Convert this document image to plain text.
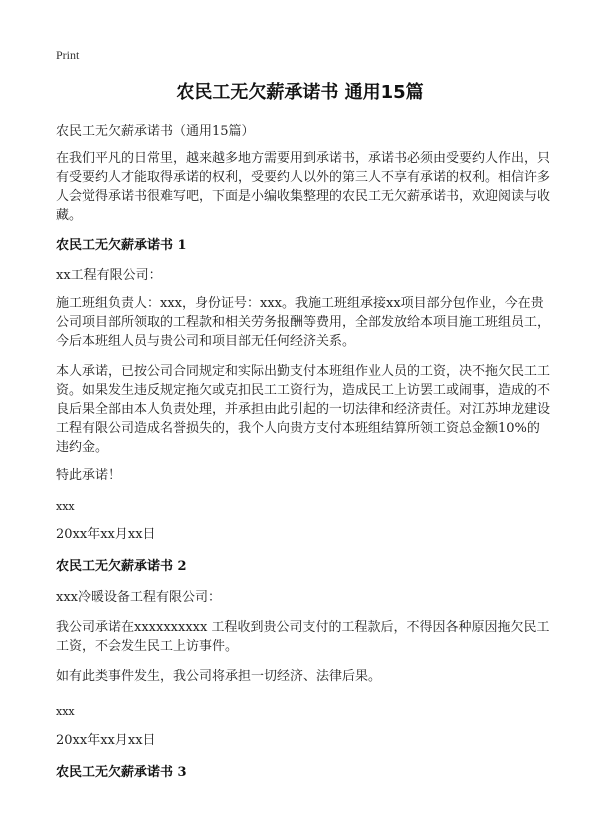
Print
农民工无欠薪承诺书 通用15篇
农民工无欠薪承诺书（通用15篇）
在我们平凡的日常里，越来越多地方需要用到承诺书，承诺书必须由受要约人作出，只有受要约人才能取得承诺的权利，受要约人以外的第三人不享有承诺的权利。相信许多人会觉得承诺书很难写吧，下面是小编收集整理的农民工无欠薪承诺书，欢迎阅读与收藏。
农民工无欠薪承诺书 1
xx工程有限公司：
施工班组负责人：xxx，身份证号：xxx。我施工班组承接xx项目部分包作业，今在贵公司项目部所领取的工程款和相关劳务报酬等费用，全部发放给本项目施工班组员工，今后本班组人员与贵公司和项目部无任何经济关系。
本人承诺，已按公司合同规定和实际出勤支付本班组作业人员的工资，决不拖欠民工工资。如果发生违反规定拖欠或克扣民工工资行为，造成民工上访罢工或闹事，造成的不良后果全部由本人负责处理，并承担由此引起的一切法律和经济责任。对江苏坤龙建设工程有限公司造成名誉损失的，我个人向贵方支付本班组结算所领工资总金额10%的违约金。
特此承诺！
xxx
20xx年xx月xx日
农民工无欠薪承诺书 2
xxx冷暖设备工程有限公司：
我公司承诺在xxxxxxxxxx 工程收到贵公司支付的工程款后，不得因各种原因拖欠民工工资，不会发生民工上访事件。
如有此类事件发生，我公司将承担一切经济、法律后果。
xxx
20xx年xx月xx日
农民工无欠薪承诺书 3
